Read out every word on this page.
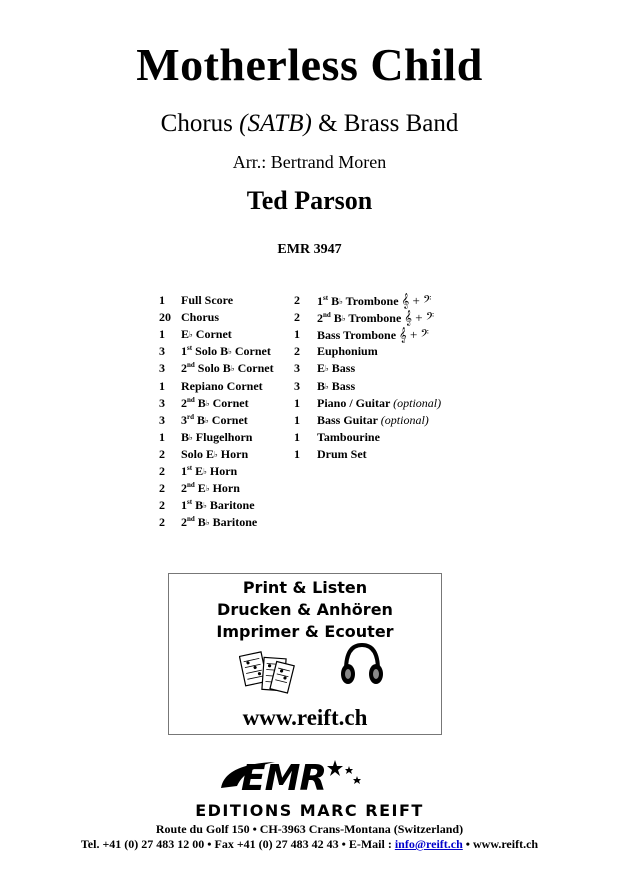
Motherless Child
Chorus (SATB) & Brass Band
Arr.: Bertrand Moren
Ted Parson
EMR 3947
1 Full Score
20 Chorus
1 E♭ Cornet
3 1st Solo B♭ Cornet
3 2nd Solo B♭ Cornet
1 Repiano Cornet
3 2nd B♭ Cornet
3 3rd B♭ Cornet
1 B♭ Flugelhorn
2 Solo E♭ Horn
2 1st E♭ Horn
2 2nd E♭ Horn
2 1st B♭ Baritone
2 2nd B♭ Baritone
2 1st B♭ Trombone 𝄞 + 𝄢
2 2nd B♭ Trombone 𝄞 + 𝄢
1 Bass Trombone 𝄞 + 𝄢
2 Euphonium
3 E♭ Bass
3 B♭ Bass
1 Piano / Guitar (optional)
1 Bass Guitar (optional)
1 Tambourine
1 Drum Set
Print & Listen
Drucken & Anhören
Imprimer & Ecouter
www.reift.ch
EMR
EDITIONS MARC REIFT
Route du Golf 150 • CH-3963 Crans-Montana (Switzerland)
Tel. +41 (0) 27 483 12 00 • Fax +41 (0) 27 483 42 43 • E-Mail : info@reift.ch • www.reift.ch
